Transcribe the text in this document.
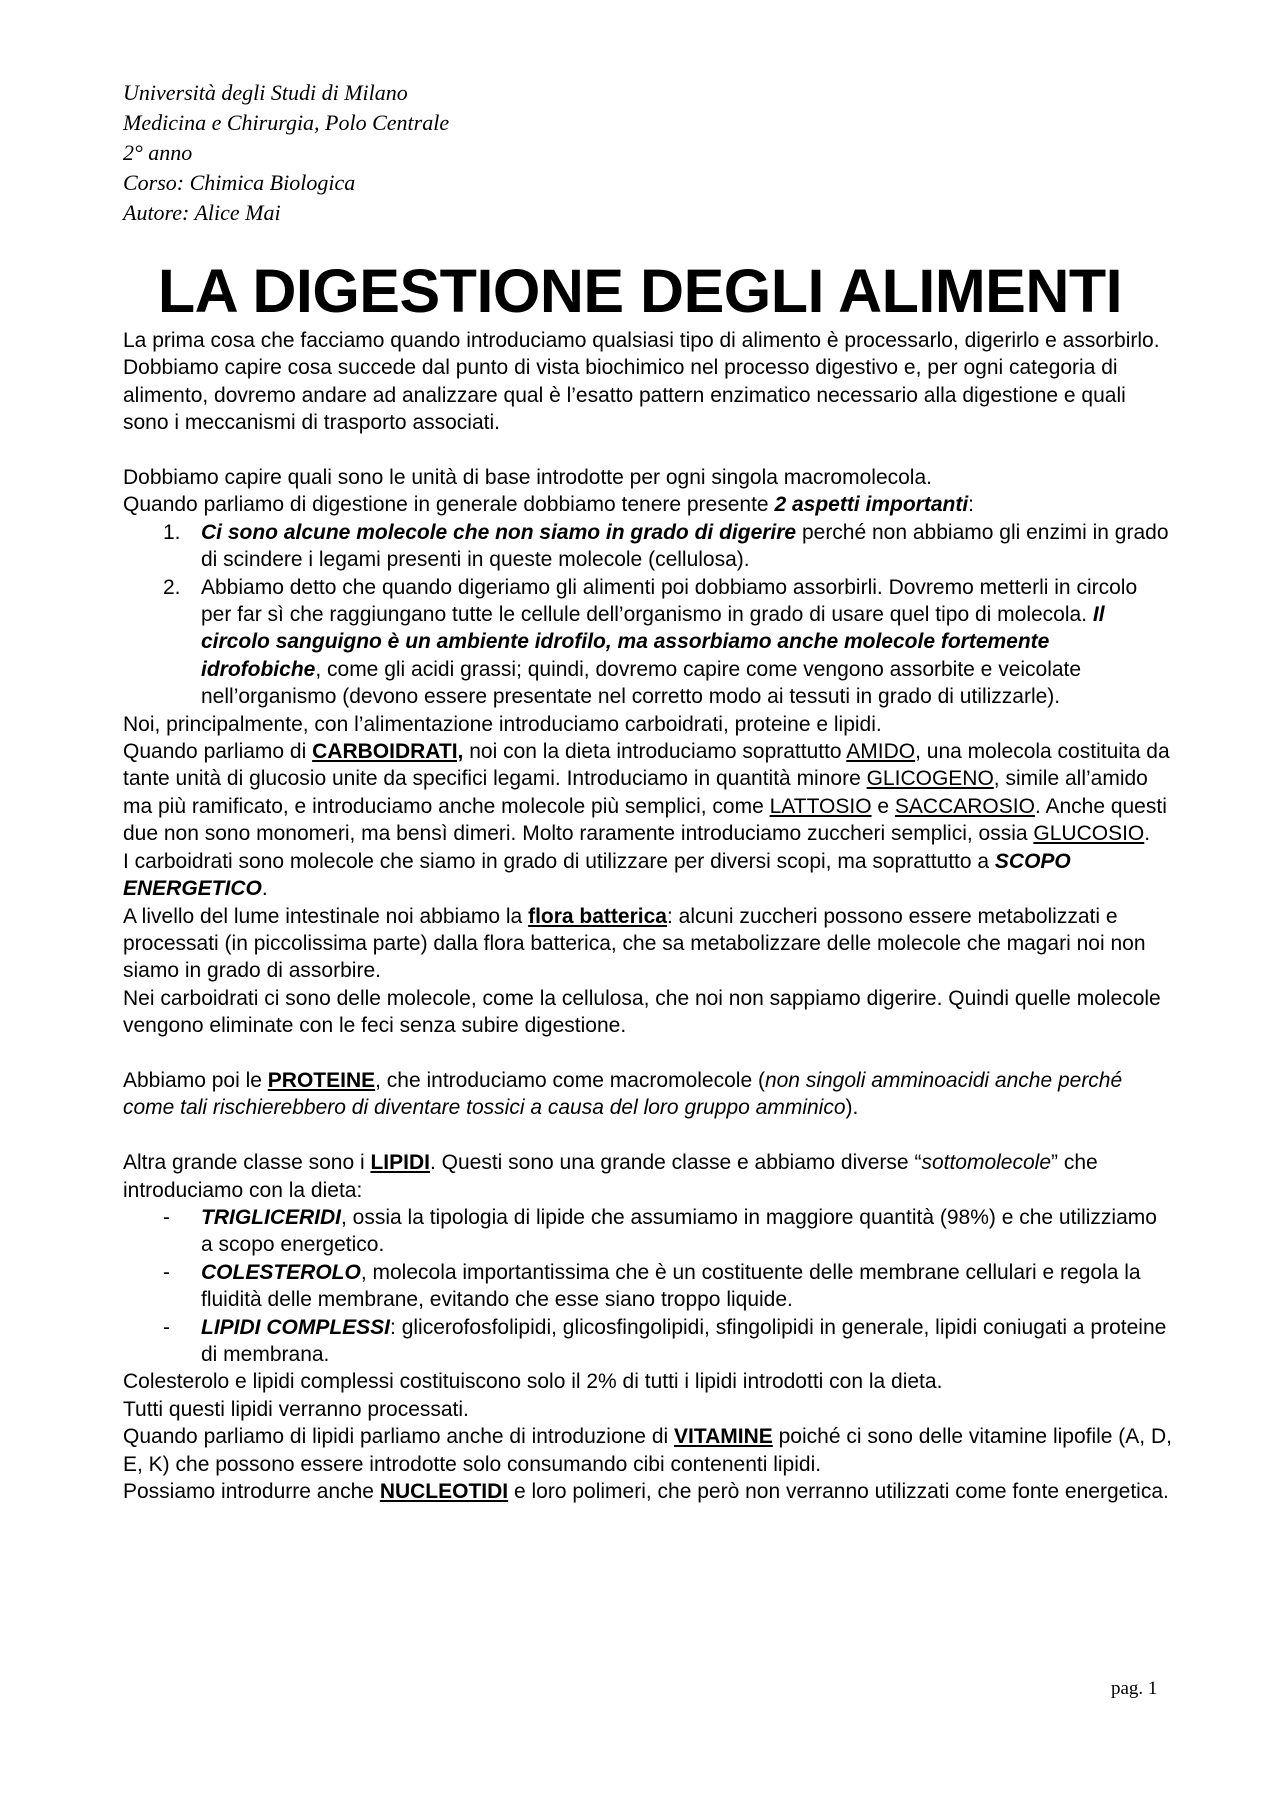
Università degli Studi di Milano
Medicina e Chirurgia, Polo Centrale
2° anno
Corso: Chimica Biologica
Autore: Alice Mai
LA DIGESTIONE DEGLI ALIMENTI

La prima cosa che facciamo quando introduciamo qualsiasi tipo di alimento è processarlo, digerirlo e assorbirlo.

Dobbiamo capire cosa succede dal punto di vista biochimico nel processo digestivo e, per ogni categoria di alimento, dovremo andare ad analizzare qual è l’esatto pattern enzimatico necessario alla digestione e quali sono i meccanismi di trasporto associati.

Dobbiamo capire quali sono le unità di base introdotte per ogni singola macromolecola.

Quando parliamo di digestione in generale dobbiamo tenere presente 2 aspetti importanti:

1. Ci sono alcune molecole che non siamo in grado di digerire perché non abbiamo gli enzimi in grado di scindere i legami presenti in queste molecole (cellulosa).
2. Abbiamo detto che quando digeriamo gli alimenti poi dobbiamo assorbirli. Dovremo metterli in circolo per far sì che raggiungano tutte le cellule dell’organismo in grado di usare quel tipo di molecola. Il circolo sanguigno è un ambiente idrofilo, ma assorbiamo anche molecole fortemente idrofobiche, come gli acidi grassi; quindi, dovremo capire come vengono assorbite e veicolate nell’organismo (devono essere presentate nel corretto modo ai tessuti in grado di utilizzarle).

Noi, principalmente, con l’alimentazione introduciamo carboidrati, proteine e lipidi.

Quando parliamo di CARBOIDRATI, noi con la dieta introduciamo soprattutto AMIDO, una molecola costituita da tante unità di glucosio unite da specifici legami. Introduciamo in quantità minore GLICOGENO, simile all’amido ma più ramificato, e introduciamo anche molecole più semplici, come LATTOSIO e SACCAROSIO. Anche questi due non sono monomeri, ma bensì dimeri. Molto raramente introduciamo zuccheri semplici, ossia GLUCOSIO.

I carboidrati sono molecole che siamo in grado di utilizzare per diversi scopi, ma soprattutto a SCOPO ENERGETICO.

A livello del lume intestinale noi abbiamo la flora batterica: alcuni zuccheri possono essere metabolizzati e processati (in piccolissima parte) dalla flora batterica, che sa metabolizzare delle molecole che magari noi non siamo in grado di assorbire.

Nei carboidrati ci sono delle molecole, come la cellulosa, che noi non sappiamo digerire. Quindi quelle molecole vengono eliminate con le feci senza subire digestione.

Abbiamo poi le PROTEINE, che introduciamo come macromolecole (non singoli amminoacidi anche perché come tali rischierebbero di diventare tossici a causa del loro gruppo amminico).

Altra grande classe sono i LIPIDI. Questi sono una grande classe e abbiamo diverse “sottomolecole” che introduciamo con la dieta:

- TRIGLICERIDI, ossia la tipologia di lipide che assumiamo in maggiore quantità (98%) e che utilizziamo a scopo energetico.
- COLESTEROLO, molecola importantissima che è un costituente delle membrane cellulari e regola la fluidità delle membrane, evitando che esse siano troppo liquide.
- LIPIDI COMPLESSI: glicerofosfolipidi, glicosfingolipidi, sfingolipidi in generale, lipidi coniugati a proteine di membrana.

Colesterolo e lipidi complessi costituiscono solo il 2% di tutti i lipidi introdotti con la dieta.

Tutti questi lipidi verranno processati.

Quando parliamo di lipidi parliamo anche di introduzione di VITAMINE poiché ci sono delle vitamine lipofile (A, D, E, K) che possono essere introdotte solo consumando cibi contenenti lipidi.

Possiamo introdurre anche NUCLEOTIDI e loro polimeri, che però non verranno utilizzati come fonte energetica.

pag. 1
